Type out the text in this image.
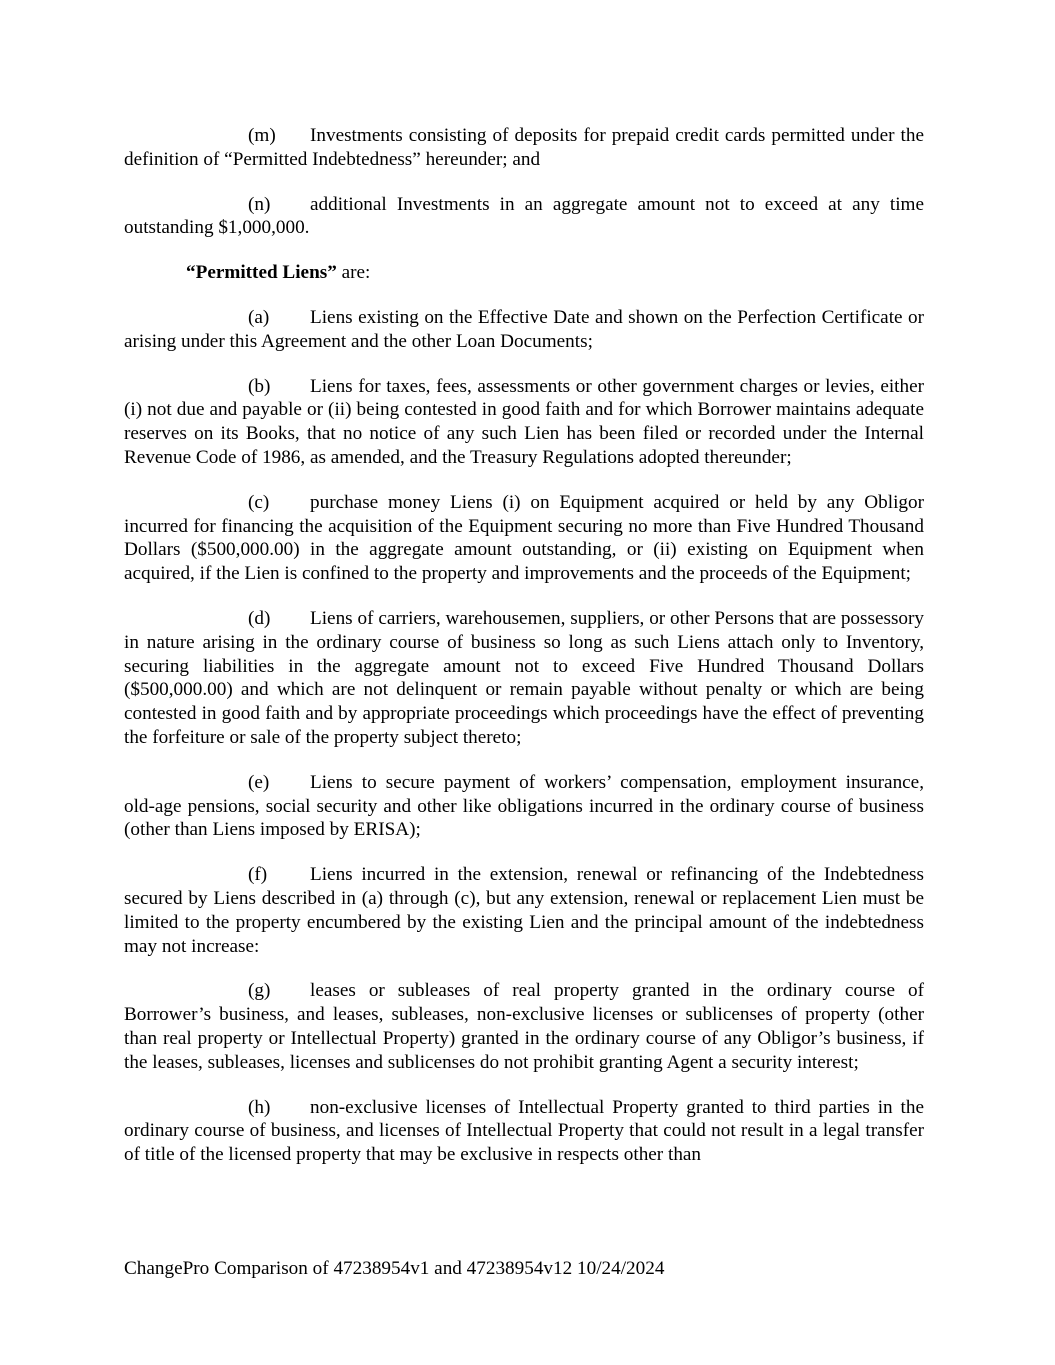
(m) Investments consisting of deposits for prepaid credit cards permitted under the definition of “Permitted Indebtedness” hereunder; and

(n) additional Investments in an aggregate amount not to exceed at any time outstanding $1,000,000.

“Permitted Liens” are:

(a) Liens existing on the Effective Date and shown on the Perfection Certificate or arising under this Agreement and the other Loan Documents;

(b) Liens for taxes, fees, assessments or other government charges or levies, either (i) not due and payable or (ii) being contested in good faith and for which Borrower maintains adequate reserves on its Books, that no notice of any such Lien has been filed or recorded under the Internal Revenue Code of 1986, as amended, and the Treasury Regulations adopted thereunder;

(c) purchase money Liens (i) on Equipment acquired or held by any Obligor incurred for financing the acquisition of the Equipment securing no more than Five Hundred Thousand Dollars ($500,000.00) in the aggregate amount outstanding, or (ii) existing on Equipment when acquired, if the Lien is confined to the property and improvements and the proceeds of the Equipment;

(d) Liens of carriers, warehousemen, suppliers, or other Persons that are possessory in nature arising in the ordinary course of business so long as such Liens attach only to Inventory, securing liabilities in the aggregate amount not to exceed Five Hundred Thousand Dollars ($500,000.00) and which are not delinquent or remain payable without penalty or which are being contested in good faith and by appropriate proceedings which proceedings have the effect of preventing the forfeiture or sale of the property subject thereto;

(e) Liens to secure payment of workers’ compensation, employment insurance, old-age pensions, social security and other like obligations incurred in the ordinary course of business (other than Liens imposed by ERISA);

(f) Liens incurred in the extension, renewal or refinancing of the Indebtedness secured by Liens described in (a) through (c), but any extension, renewal or replacement Lien must be limited to the property encumbered by the existing Lien and the principal amount of the indebtedness may not increase:

(g) leases or subleases of real property granted in the ordinary course of Borrower’s business, and leases, subleases, non-exclusive licenses or sublicenses of property (other than real property or Intellectual Property) granted in the ordinary course of any Obligor’s business, if the leases, subleases, licenses and sublicenses do not prohibit granting Agent a security interest;

(h) non-exclusive licenses of Intellectual Property granted to third parties in the ordinary course of business, and licenses of Intellectual Property that could not result in a legal transfer of title of the licensed property that may be exclusive in respects other than

ChangePro Comparison of 47238954v1 and 47238954v12 10/24/2024
